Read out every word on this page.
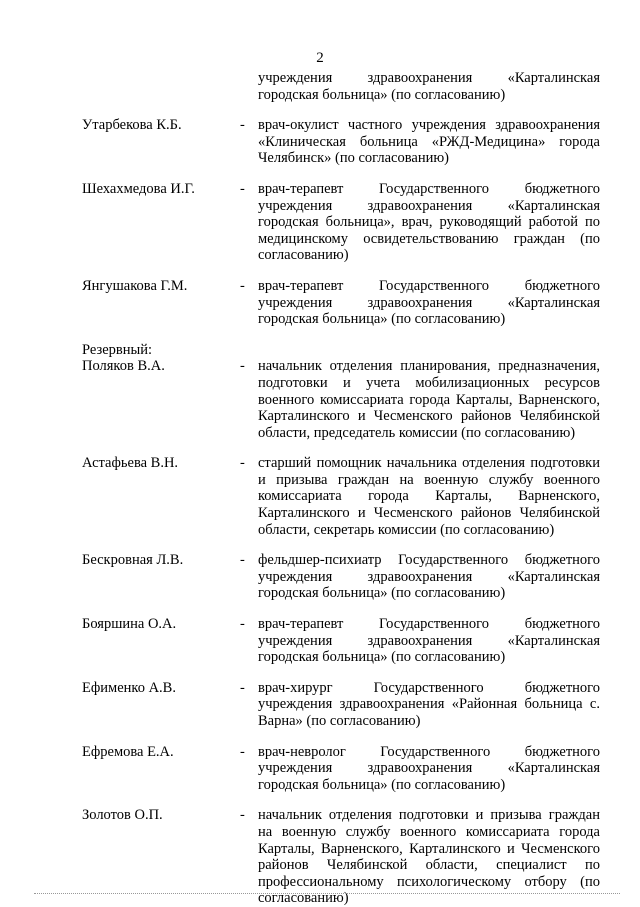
2
учреждения здравоохранения «Карталинская городская больница» (по согласованию)
Утарбекова К.Б.	- врач-окулист частного учреждения здравоохранения «Клиническая больница «РЖД-Медицина» города Челябинск» (по согласованию)
Шехахмедова И.Г.	- врач-терапевт Государственного бюджетного учреждения здравоохранения «Карталинская городская больница», врач, руководящий работой по медицинскому освидетельствованию граждан (по согласованию)
Янгушакова Г.М.	- врач-терапевт Государственного бюджетного учреждения здравоохранения «Карталинская городская больница» (по согласованию)
Резервный:
Поляков В.А.	- начальник отделения планирования, предназначения, подготовки и учета мобилизационных ресурсов военного комиссариата города Карталы, Варненского, Карталинского и Чесменского районов Челябинской области, председатель комиссии (по согласованию)
Астафьева В.Н.	- старший помощник начальника отделения подготовки и призыва граждан на военную службу военного комиссариата города Карталы, Варненского, Карталинского и Чесменского районов Челябинской области, секретарь комиссии (по согласованию)
Бескровная Л.В.	- фельдшер-психиатр Государственного бюджетного учреждения здравоохранения «Карталинская городская больница» (по согласованию)
Бояршина О.А.	- врач-терапевт Государственного бюджетного учреждения здравоохранения «Карталинская городская больница» (по согласованию)
Ефименко А.В.	- врач-хирург Государственного бюджетного учреждения здравоохранения «Районная больница с. Варна» (по согласованию)
Ефремова Е.А.	- врач-невролог Государственного бюджетного учреждения здравоохранения «Карталинская городская больница» (по согласованию)
Золотов О.П.	- начальник отделения подготовки и призыва граждан на военную службу военного комиссариата города Карталы, Варненского, Карталинского и Чесменского районов Челябинской области, специалист по профессиональному психологическому отбору (по согласованию)
